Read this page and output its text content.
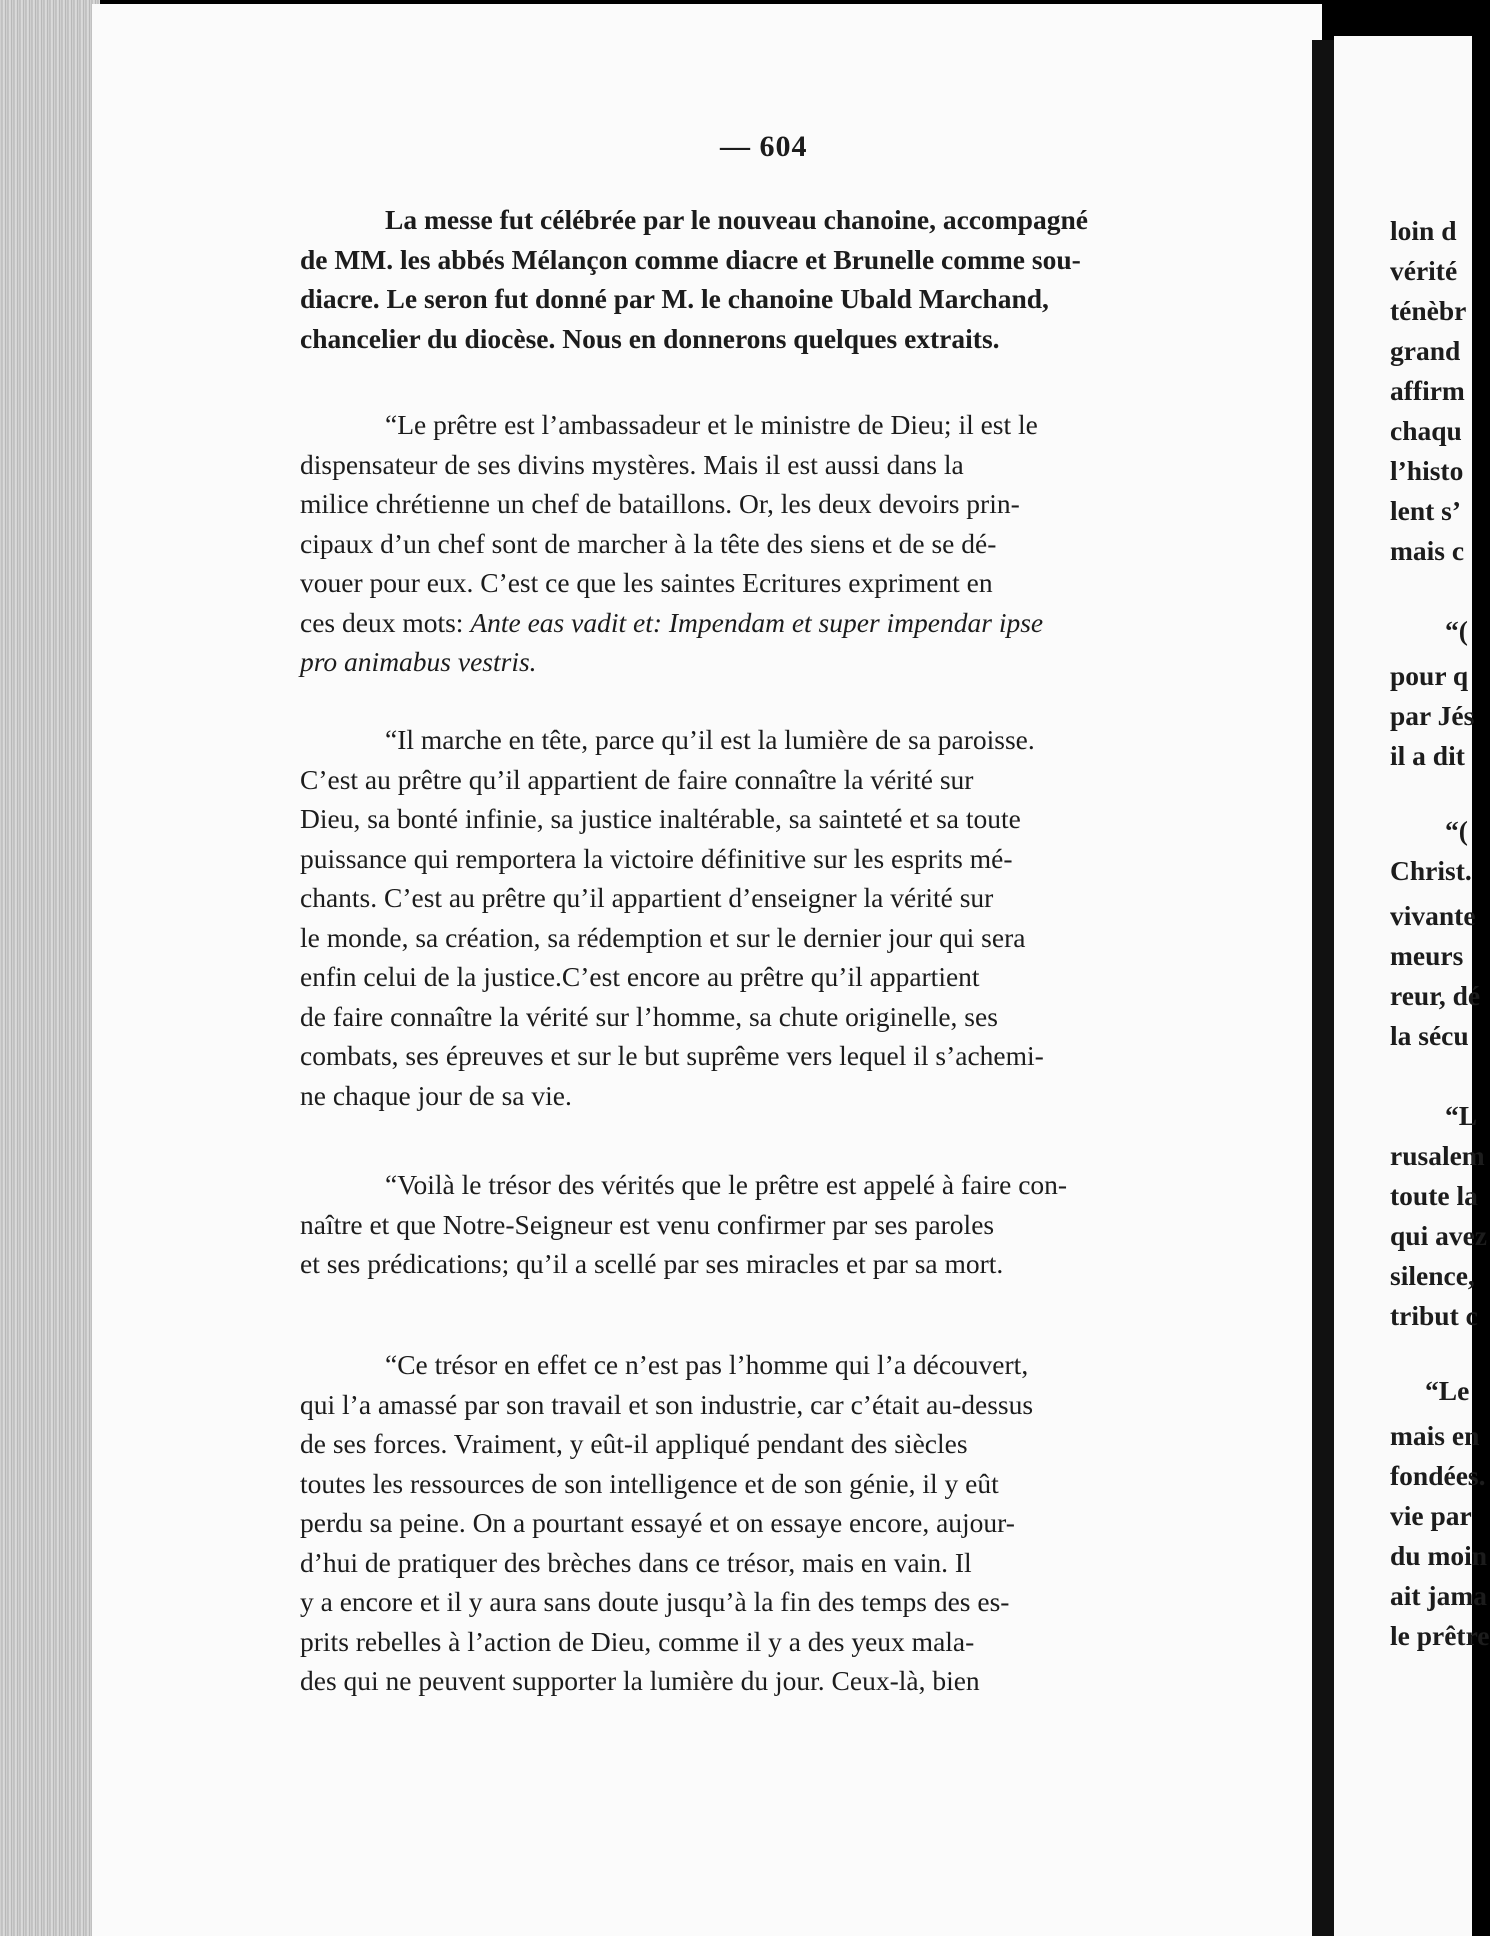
— 604

La messe fut célébrée par le nouveau chanoine, accompagné
de MM. les abbés Mélançon comme diacre et Brunelle comme sou-
diacre. Le seron fut donné par M. le chanoine Ubald Marchand,
chancelier du diocèse. Nous en donnerons quelques extraits.

“Le prêtre est l’ambassadeur et le ministre de Dieu; il est le
dispensateur de ses divins mystères. Mais il est aussi dans la
milice chrétienne un chef de bataillons. Or, les deux devoirs prin-
cipaux d’un chef sont de marcher à la tête des siens et de se dé-
vouer pour eux. C’est ce que les saintes Ecritures expriment en
ces deux mots: Ante eas vadit et: Impendam et super impendar ipse
pro animabus vestris.

“Il marche en tête, parce qu’il est la lumière de sa paroisse.
C’est au prêtre qu’il appartient de faire connaître la vérité sur
Dieu, sa bonté infinie, sa justice inaltérable, sa sainteté et sa toute
puissance qui remportera la victoire définitive sur les esprits mé-
chants. C’est au prêtre qu’il appartient d’enseigner la vérité sur
le monde, sa création, sa rédemption et sur le dernier jour qui sera
enfin celui de la justice.C’est encore au prêtre qu’il appartient
de faire connaître la vérité sur l’homme, sa chute originelle, ses
combats, ses épreuves et sur le but suprême vers lequel il s’achemi-
ne chaque jour de sa vie.

“Voilà le trésor des vérités que le prêtre est appelé à faire con-
naître et que Notre-Seigneur est venu confirmer par ses paroles
et ses prédications; qu’il a scellé par ses miracles et par sa mort.

“Ce trésor en effet ce n’est pas l’homme qui l’a découvert,
qui l’a amassé par son travail et son industrie, car c’était au-dessus
de ses forces. Vraiment, y eût-il appliqué pendant des siècles
toutes les ressources de son intelligence et de son génie, il y eût
perdu sa peine. On a pourtant essayé et on essaye encore, aujour-
d’hui de pratiquer des brèches dans ce trésor, mais en vain. Il
y a encore et il y aura sans doute jusqu’à la fin des temps des es-
prits rebelles à l’action de Dieu, comme il y a des yeux mala-
des qui ne peuvent supporter la lumière du jour. Ceux-là, bien

loin d
vérité
ténèbr
grand
affirm
chaqu
l’histo
lent s’
mais c
“(
pour q
par Jés
il a dit
“(
Christ.
vivante
meurs
reur, dé
la sécu
“L
rusalem
toute la
qui avez
silence,
tribut c
“Le
mais en
fondées.
vie par
du moin
ait jama
le prêtre
